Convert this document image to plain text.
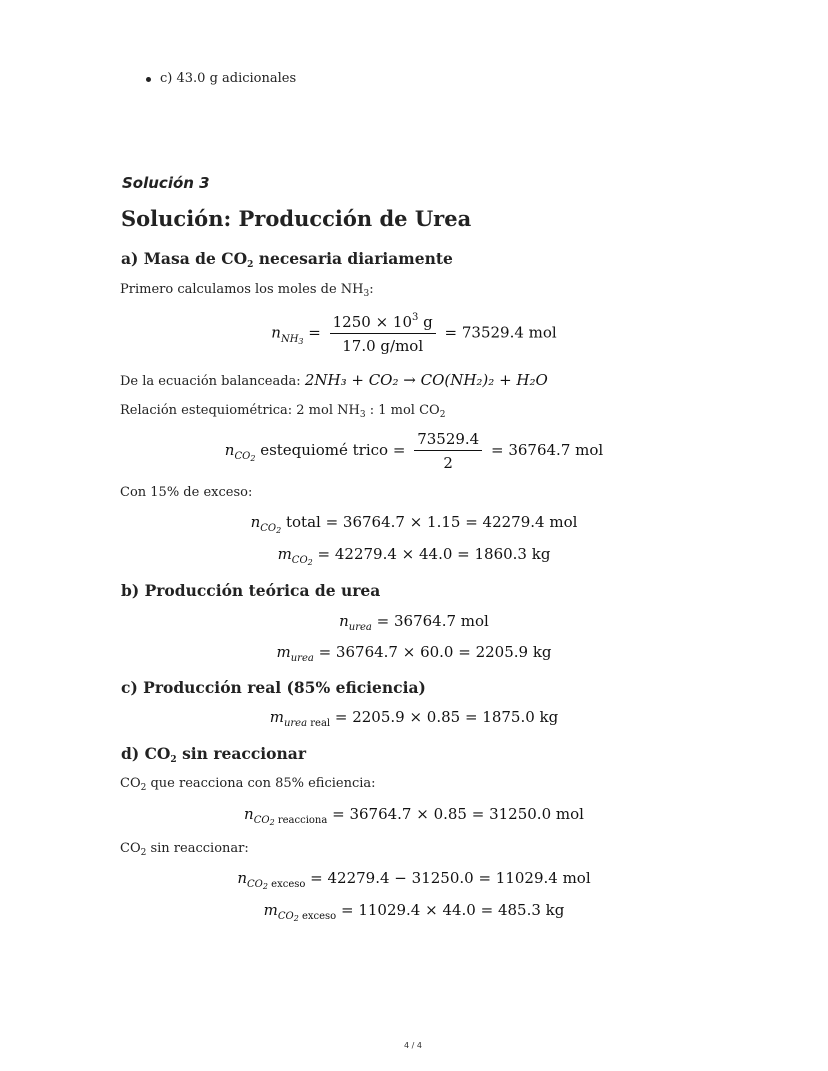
c) 43.0 g adicionales
Solución 3
Solución: Producción de Urea
a) Masa de CO2 necesaria diariamente
Primero calculamos los moles de $NH_3$:
$n_{NH_3} = \frac{1250 \times 10^3 g}{\text{17.0 g/mol}} = 73529.4$ mol
De la ecuación balanceada: 2NH₃ + CO₂ → CO(NH₂)₂ + H₂O
Relación estequiométrica: 2 mol $NH_3$ : 1 mol $CO_2$
$n_{CO_2}$ estequiomé trico = $\frac{73529.4}{2} = 36764.7$ mol
Con 15% de exceso:
$n_{CO_2}$ total = 36764.7 × 1.15 = 42279.4 mol
$m_{CO_2} = 42279.4 \times 44.0 = 1860.3$ kg
b) Producción teórica de urea
$n_{urea} = 36764.7$ mol
$m_{urea} = 36764.7 \times 60.0 = 2205.9$ kg
c) Producción real (85% eficiencia)
$m_{urea real} = 2205.9 \times 0.85 = 1875.0$ kg
d) CO2 sin reaccionar
$CO_2$ que reacciona con 85% eficiencia:
$n_{CO_2 reacciona} = 36764.7 \times 0.85 = 31250.0$ mol
$CO_2$ sin reaccionar:
$n_{CO_2 exceso} = 42279.4 - 31250.0 = 11029.4$ mol
$m_{CO_2 exceso} = 11029.4 \times 44.0 = 485.3$ kg
4 / 4
